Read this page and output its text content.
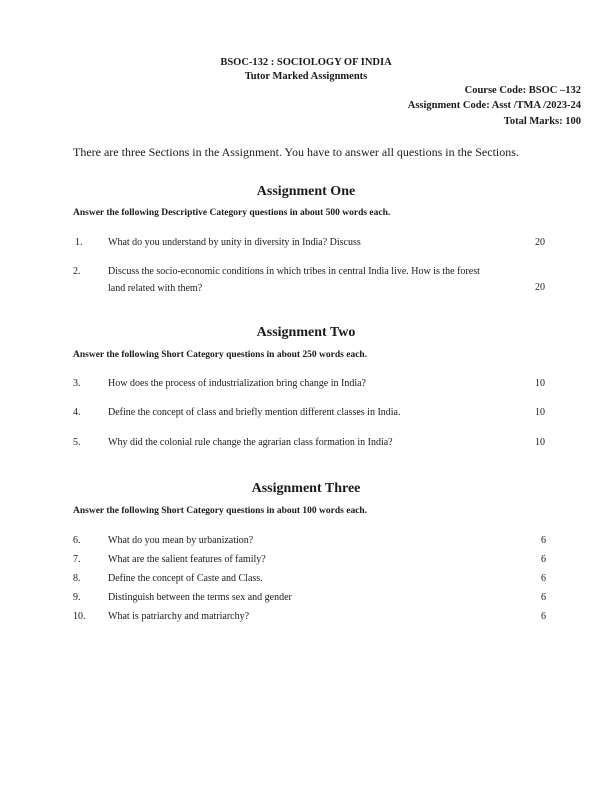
BSOC-132 : SOCIOLOGY OF INDIA
Tutor Marked Assignments
Course Code: BSOC –132
Assignment Code: Asst /TMA /2023-24
Total Marks: 100
There are three Sections in the Assignment. You have to answer all questions in the Sections.
Assignment One
Answer the following Descriptive Category questions in about 500 words each.
1.	What do you understand by unity in diversity in India? Discuss	20
2.	Discuss the socio-economic conditions in which tribes in central India live. How is the forest land related with them?	20
Assignment Two
Answer the following Short Category questions in about 250 words each.
3.	How does the process of industrialization bring change in India?	10
4.	Define the concept of class and briefly mention different classes in India.	10
5.	Why did the colonial rule change the agrarian class formation in India?	10
Assignment Three
Answer the following Short Category questions in about 100 words each.
6.	What do you mean by urbanization?	6
7.	What are the salient features of family?	6
8.	Define the concept of Caste and Class.	6
9.	Distinguish between the terms sex and gender	6
10. What is patriarchy and matriarchy?	6
